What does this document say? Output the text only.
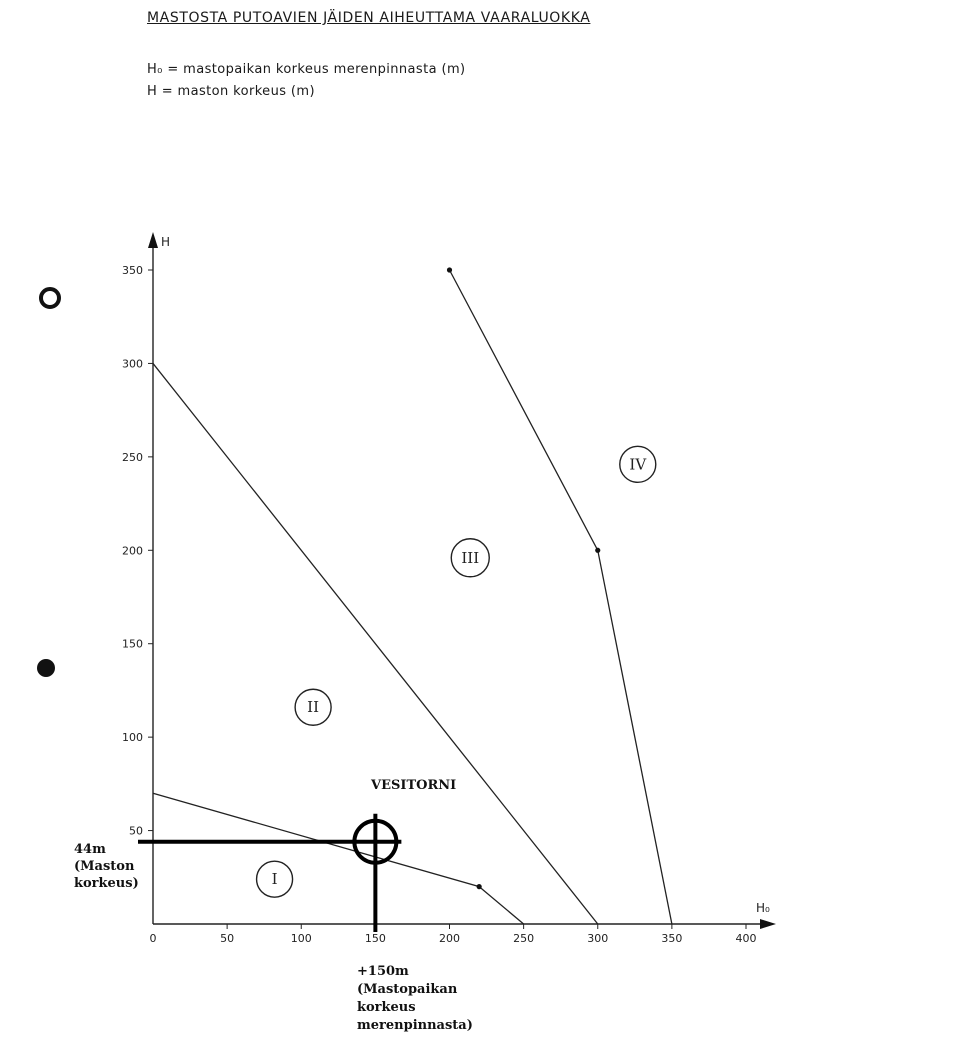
MASTOSTA PUTOAVIEN JÄIDEN AIHEUTTAMA VAARALUOKKA
H₀ = mastopaikan korkeus merenpinnasta (m)
H = maston korkeus (m)
H
H₀
0	50	100	150	200	250	300	350	400
50
100
150
200
250
300
350
I
II
III
IV
VESITORNI
44m
(Maston
korkeus)
+150m
(Mastopaikan
korkeus
merenpinnasta)
